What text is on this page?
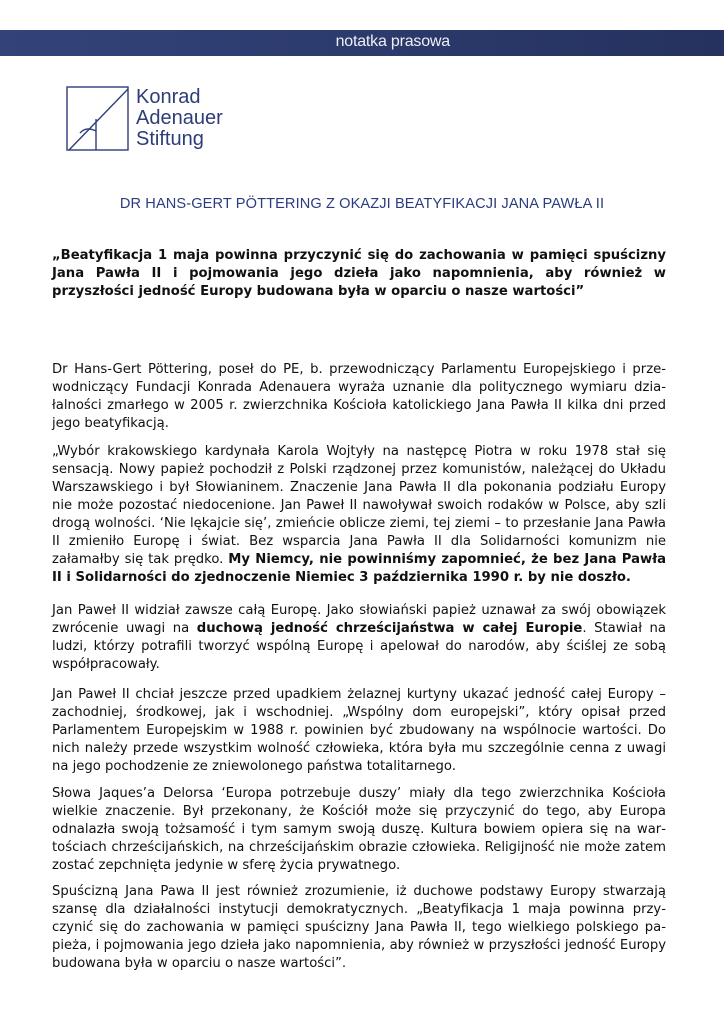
notatka prasowa
Konrad
Adenauer
Stiftung
DR HANS-GERT PÖTTERING Z OKAZJI BEATYFIKACJI JANA PAWŁA II
„Beatyfikacja 1 maja powinna przyczynić się do zachowania w pamięci spuścizny Jana Pawła II i pojmowania jego dzieła jako napomnienia, aby również w przyszłości jedność Europy budowana była w oparciu o nasze wartości”
Dr Hans-Gert Pöttering, poseł do PE, b. przewodniczący Parlamentu Europejskiego i przewodniczący Fundacji Konrada Adenauera wyraża uznanie dla politycznego wymiaru działalności zmarłego w 2005 r. zwierzchnika Kościoła katolickiego Jana Pawła II kilka dni przed jego beatyfikacją.
„Wybór krakowskiego kardynała Karola Wojtyły na następcę Piotra w roku 1978 stał się sensacją. Nowy papież pochodził z Polski rządzonej przez komunistów, należącej do Układu Warszawskiego i był Słowianinem. Znaczenie Jana Pawła II dla pokonania podziału Europy nie może pozostać niedocenione. Jan Paweł II nawoływał swoich rodaków w Polsce, aby szli drogą wolności. ‘Nie lękajcie się’, zmieńcie oblicze ziemi, tej ziemi – to przesłanie Jana Pawła II zmieniło Europę i świat. Bez wsparcia Jana Pawła II dla Solidarności komunizm nie załamałby się tak prędko. My Niemcy, nie powinniśmy zapomnieć, że bez Jana Pawła II i Solidarności do zjednoczenie Niemiec 3 października 1990 r. by nie doszło.
Jan Paweł II widział zawsze całą Europę. Jako słowiański papież uznawał za swój obowiązek zwrócenie uwagi na duchową jedność chrześcijaństwa w całej Europie. Stawiał na ludzi, którzy potrafili tworzyć wspólną Europę i apelował do narodów, aby ściślej ze sobą współpracowały.
Jan Paweł II chciał jeszcze przed upadkiem żelaznej kurtyny ukazać jedność całej Europy – zachodniej, środkowej, jak i wschodniej. „Wspólny dom europejski”, który opisał przed Parlamentem Europejskim w 1988 r. powinien być zbudowany na wspólnocie wartości. Do nich należy przede wszystkim wolność człowieka, która była mu szczególnie cenna z uwagi na jego pochodzenie ze zniewolonego państwa totalitarnego.
Słowa Jaques’a Delorsa ‘Europa potrzebuje duszy’ miały dla tego zwierzchnika Kościoła wielkie znaczenie. Był przekonany, że Kościół może się przyczynić do tego, aby Europa odnalazła swoją tożsamość i tym samym swoją duszę. Kultura bowiem opiera się na wartościach chrześcijańskich, na chrześcijańskim obrazie człowieka. Religijność nie może zatem zostać zepchnięta jedynie w sferę życia prywatnego.
Spuścizną Jana Pawa II jest również zrozumienie, iż duchowe podstawy Europy stwarzają szansę dla działalności instytucji demokratycznych. „Beatyfikacja 1 maja powinna przyczynić się do zachowania w pamięci spuścizny Jana Pawła II, tego wielkiego polskiego papieża, i pojmowania jego dzieła jako napomnienia, aby również w przyszłości jedność Europy budowana była w oparciu o nasze wartości”.
